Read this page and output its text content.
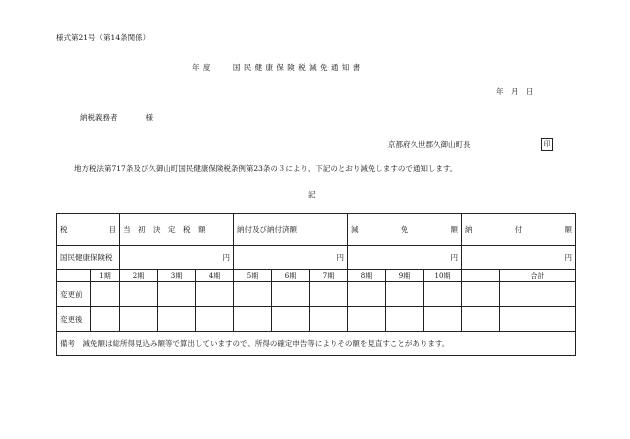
様式第21号（第14条関係）
年 度	国 民 健 康 保 険 税 減 免 通 知 書
年　月　日
納税義務者	様
京都府久世郡久御山町長	印
地方税法第717条及び久御山町国民健康保険税条例第23条の３により、下記のとおり減免しますので通知します。
記
税 目		当　初　決　定　税　額			納付及び納付済額			減 免 額			納 付 額	

国民健康保険税		円			円			円			円	
	1期	2期	3期	4期	5期	6期	7期	8期	9期	10期		合計
変更前												
変更後												
備考　減免額は総所得見込み額等で算出していますので、所得の確定申告等によりその額を見直すことがあります。												
